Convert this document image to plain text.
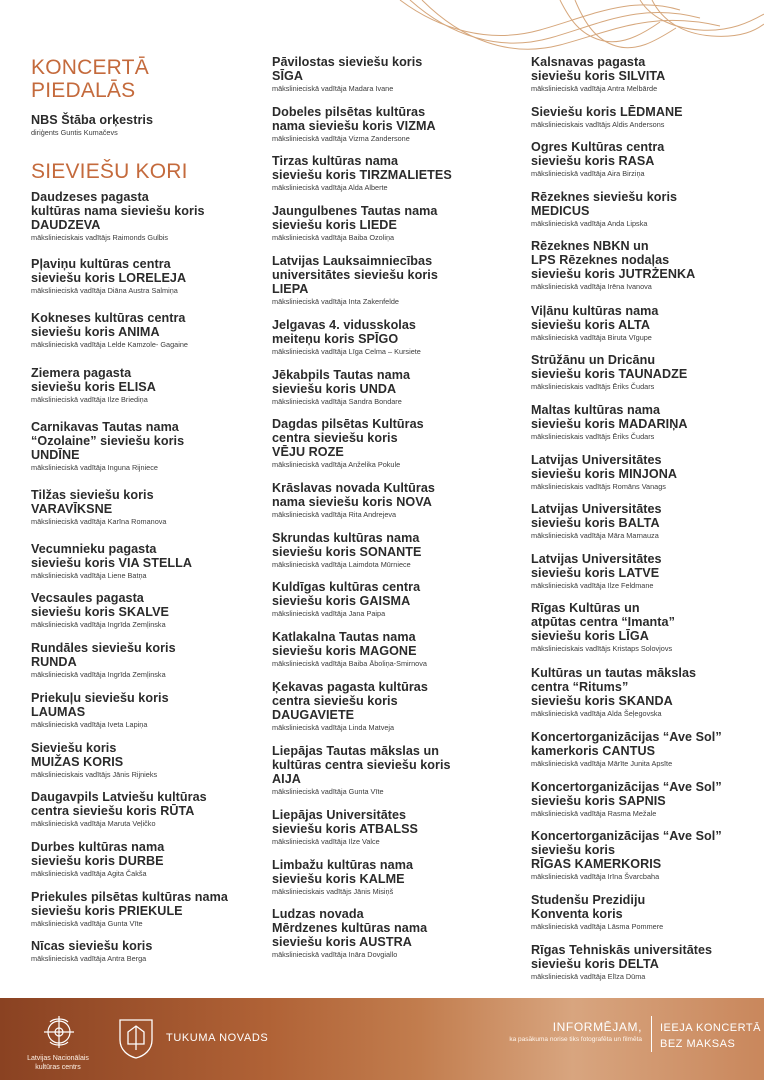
KONCERTĀ
PIEDALĀS
NBS Štāba orķestris
diriģents Guntis Kumačevs
SIEVIEŠU KORI
Daudzeses pagasta
kultūras nama sieviešu koris
DAUDZEVA
mākslinieciskais vadītājs Raimonds Gulbis
Pļaviņu kultūras centra
sieviešu koris LORELEJA
mākslinieciskā vadītāja Diāna Austra Salmiņa
Kokneses kultūras centra
sieviešu koris ANIMA
mākslinieciskā vadītāja Lelde Kamzole- Gagaine
Ziemera pagasta
sieviešu koris ELISA
mākslinieciskā vadītāja Ilze Briediņa
Carnikavas Tautas nama
“Ozolaine” sieviešu koris
UNDĪNE
mākslinieciskā vadītāja Inguna Rijniece
Tilžas sieviešu koris
VARAVĪKSNE
mākslinieciskā vadītāja Karīna Romanova
Vecumnieku pagasta
sieviešu koris VIA STELLA
mākslinieciskā vadītāja Liene Batņa
Vecsaules pagasta
sieviešu koris SKALVE
mākslinieciskā vadītāja Ingrīda Zemļinska
Rundāles sieviešu koris
RUNDA
mākslinieciskā vadītāja Ingrīda Zemļinska
Priekuļu sieviešu koris
LAUMAS
mākslinieciskā vadītāja Iveta Lapiņa
Sieviešu koris
MUIŽAS KORIS
mākslinieciskais vadītājs Jānis Rijnieks
Daugavpils Latviešu kultūras
centra sieviešu koris RŪTA
mākslinieciskā vadītāja Maruta Veļičko
Durbes kultūras nama
sieviešu koris DURBE
mākslinieciskā vadītāja Agita Čakša
Priekules pilsētas kultūras nama
sieviešu koris PRIEKULE
mākslinieciskā vadītāja Gunta Vīte
Nīcas sieviešu koris
mākslinieciskā vadītāja Antra Berga
Pāvilostas sieviešu koris
SĪGA
mākslinieciskā vadītāja Madara Ivane
Dobeles pilsētas kultūras
nama sieviešu koris VIZMA
mākslinieciskā vadītāja Vizma Zandersone
Tirzas kultūras nama
sieviešu koris TIRZMALIETES
mākslinieciskā vadītāja Alda Alberte
Jaungulbenes Tautas nama
sieviešu koris LIEDE
mākslinieciskā vadītāja Baiba Ozoliņa
Latvijas Lauksaimniecības
universitātes sieviešu koris
LIEPA
mākslinieciskā vadītāja Inta Zakenfelde
Jelgavas 4. vidusskolas
meiteņu koris SPĪGO
mākslinieciskā vadītāja Līga Celma – Kursiete
Jēkabpils Tautas nama
sieviešu koris UNDA
mākslinieciskā vadītāja Sandra Bondare
Dagdas pilsētas Kultūras
centra sieviešu koris
VĒJU ROZE
mākslinieciskā vadītāja Anželika Pokule
Krāslavas novada Kultūras
nama sieviešu koris NOVA
mākslinieciskā vadītāja Rita Andrejeva
Skrundas kultūras nama
sieviešu koris SONANTE
mākslinieciskā vadītāja Laimdota Mūrniece
Kuldīgas kultūras centra
sieviešu koris GAISMA
mākslinieciskā vadītāja Jana Paipa
Katlakalna Tautas nama
sieviešu koris MAGONE
mākslinieciskā vadītāja Baiba Āboliņa-Smirnova
Ķekavas pagasta kultūras
centra sieviešu koris
DAUGAVIETE
mākslinieciskā vadītāja Linda Matveja
Liepājas Tautas mākslas un
kultūras centra sieviešu koris
AIJA
mākslinieciskā vadītāja Gunta Vīte
Liepājas Universitātes
sieviešu koris ATBALSS
mākslinieciskā vadītāja Ilze Valce
Limbažu kultūras nama
sieviešu koris KALME
mākslinieciskais vadītājs Jānis Misiņš
Ludzas novada
Mērdzenes kultūras nama
sieviešu koris AUSTRA
mākslinieciskā vadītāja Ināra Dovgiallo
Kalsnavas pagasta
sieviešu koris SILVITA
mākslinieciskā vadītāja Antra Melbārde
Sieviešu koris LĒDMANE
mākslinieciskais vadītājs Aldis Andersons
Ogres Kultūras centra
sieviešu koris RASA
mākslinieciskā vadītāja Aira Birziņa
Rēzeknes sieviešu koris
MEDICUS
mākslinieciskā vadītāja Anda Lipska
Rēzeknes NBKN un
LPS Rēzeknes nodaļas
sieviešu koris JUTRŻENKA
mākslinieciskā vadītāja Irēna Ivanova
Viļānu kultūras nama
sieviešu koris ALTA
mākslinieciskā vadītāja Biruta Vīgupe
Strūžānu un Dricānu
sieviešu koris TAUNADZE
mākslinieciskais vadītājs Ēriks Čudars
Maltas kultūras nama
sieviešu koris MADARIŅA
mākslinieciskais vadītājs Ēriks Čudars
Latvijas Universitātes
sieviešu koris MINJONA
mākslinieciskais vadītājs Romāns Vanags
Latvijas Universitātes
sieviešu koris BALTA
mākslinieciskā vadītāja Māra Marnauza
Latvijas Universitātes
sieviešu koris LATVE
mākslinieciskā vadītāja Ilze Feldmane
Rīgas Kultūras un
atpūtas centra “Imanta”
sieviešu koris LĪGA
mākslinieciskais vadītājs Kristaps Solovjovs
Kultūras un tautas mākslas
centra “Ritums”
sieviešu koris SKANDA
mākslinieciskā vadītāja Alda Šeļegovska
Koncertorganizācijas “Ave Sol”
kamerkoris CANTUS
mākslinieciskā vadītāja Mārīte Junita Apsīte
Koncertorganizācijas “Ave Sol”
sieviešu koris SAPNIS
mākslinieciskā vadītāja Rasma Mežale
Koncertorganizācijas “Ave Sol”
sieviešu koris
RĪGAS KAMERKORIS
mākslinieciskā vadītāja Irīna Švarcbaha
Studenšu Prezidiju
Konventa koris
mākslinieciskā vadītāja Lāsma Pommere
Rīgas Tehniskās universitātes
sieviešu koris DELTA
mākslinieciskā vadītāja Elīza Dūma
Latvijas Nacionālais kultūras centrs
TUKUMA NOVADS
INFORMĒJAM,
ka pasākuma norise tiks fotografēta un filmēta
IEEJA KONCERTĀ
BEZ MAKSAS
